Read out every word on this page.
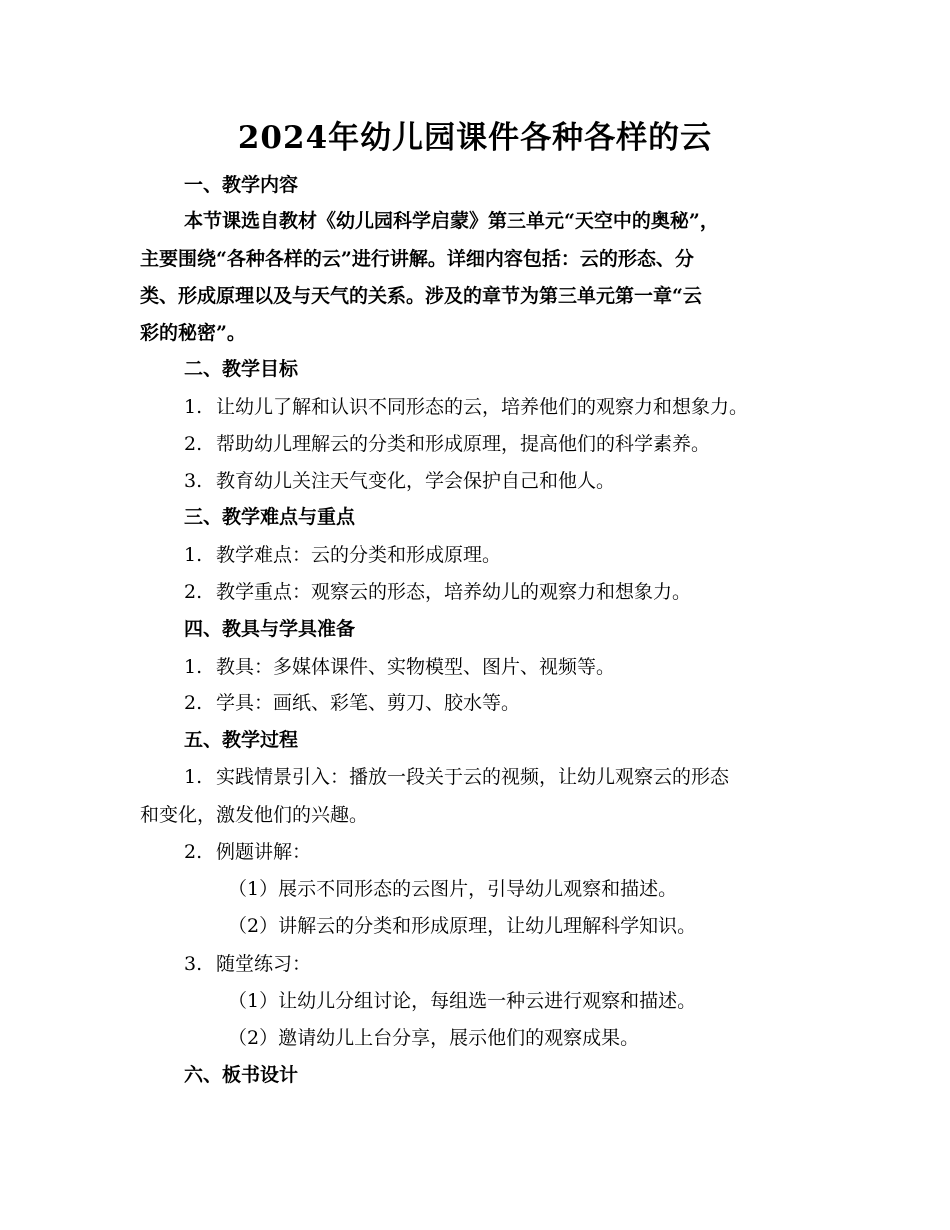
2024年幼儿园课件各种各样的云
一、教学内容
本节课选自教材《幼儿园科学启蒙》第三单元“天空中的奥秘”，
主要围绕“各种各样的云”进行讲解。详细内容包括：云的形态、分
类、形成原理以及与天气的关系。涉及的章节为第三单元第一章“云
彩的秘密”。
二、教学目标
1. 让幼儿了解和认识不同形态的云，培养他们的观察力和想象力。
2. 帮助幼儿理解云的分类和形成原理，提高他们的科学素养。
3. 教育幼儿关注天气变化，学会保护自己和他人。
三、教学难点与重点
1. 教学难点：云的分类和形成原理。
2. 教学重点：观察云的形态，培养幼儿的观察力和想象力。
四、教具与学具准备
1. 教具：多媒体课件、实物模型、图片、视频等。
2. 学具：画纸、彩笔、剪刀、胶水等。
五、教学过程
1. 实践情景引入：播放一段关于云的视频，让幼儿观察云的形态
和变化，激发他们的兴趣。
2. 例题讲解：
（1）展示不同形态的云图片，引导幼儿观察和描述。
（2）讲解云的分类和形成原理，让幼儿理解科学知识。
3. 随堂练习：
（1）让幼儿分组讨论，每组选一种云进行观察和描述。
（2）邀请幼儿上台分享，展示他们的观察成果。
六、板书设计
